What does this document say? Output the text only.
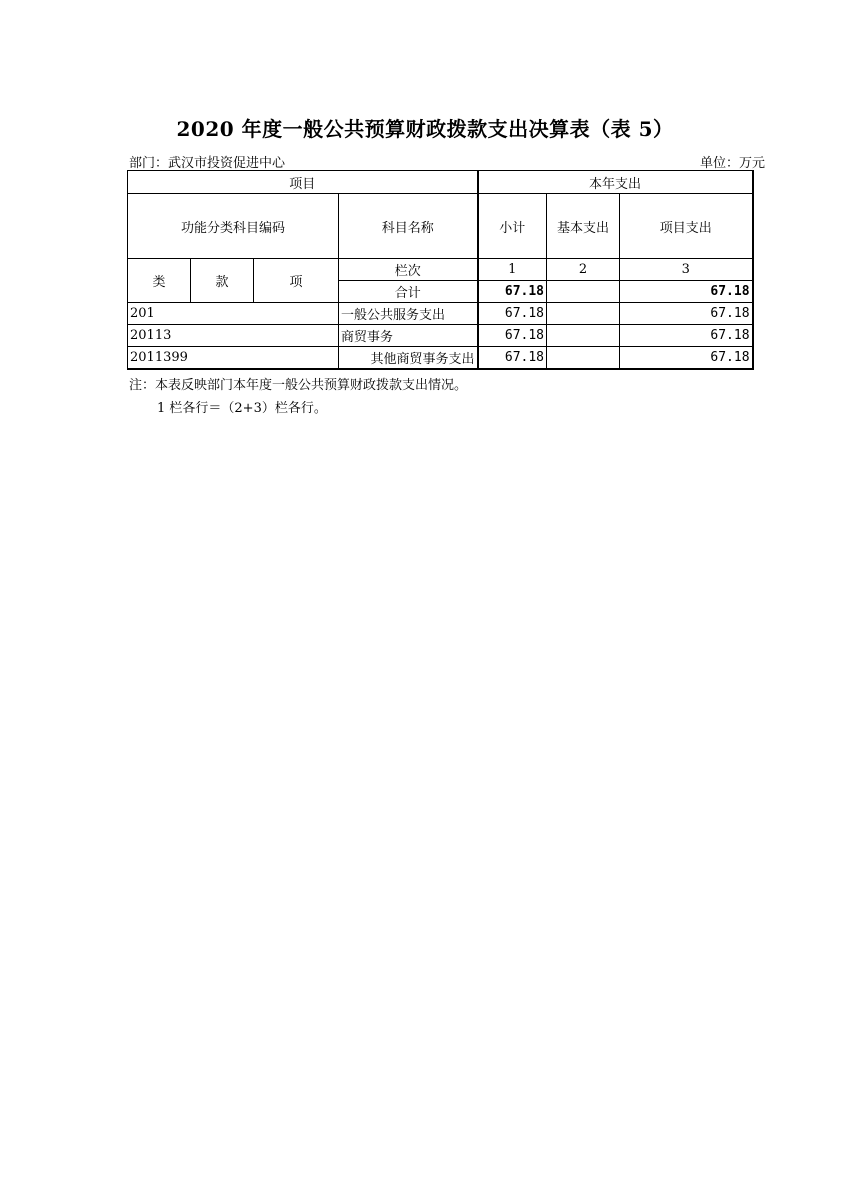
2020 年度一般公共预算财政拨款支出决算表（表 5）
部门：武汉市投资促进中心	单位：万元
项目				本年支出		
功能分类科目编码			科目名称	小计	基本支出	项目支出
类	款	项	栏次	1	2	3
			合计	67.18		67.18
201			一般公共服务支出	67.18		67.18
20113			商贸事务	67.18		67.18
2011399			其他商贸事务支出	67.18		67.18
注：本表反映部门本年度一般公共预算财政拨款支出情况。
1 栏各行＝（2+3）栏各行。
